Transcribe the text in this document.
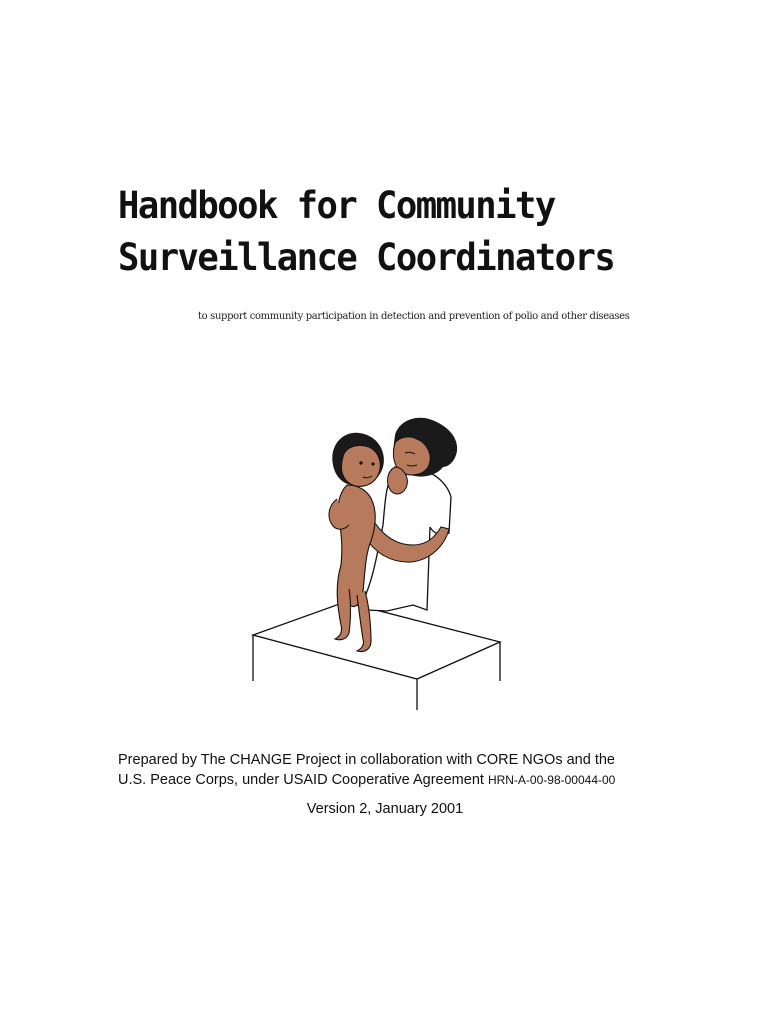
Handbook for Community
Surveillance Coordinators
to support community participation in detection and prevention of polio and other diseases
Prepared by The CHANGE Project in collaboration with CORE NGOs and the
U.S. Peace Corps, under USAID Cooperative Agreement HRN-A-00-98-00044-00
Version 2, January 2001
